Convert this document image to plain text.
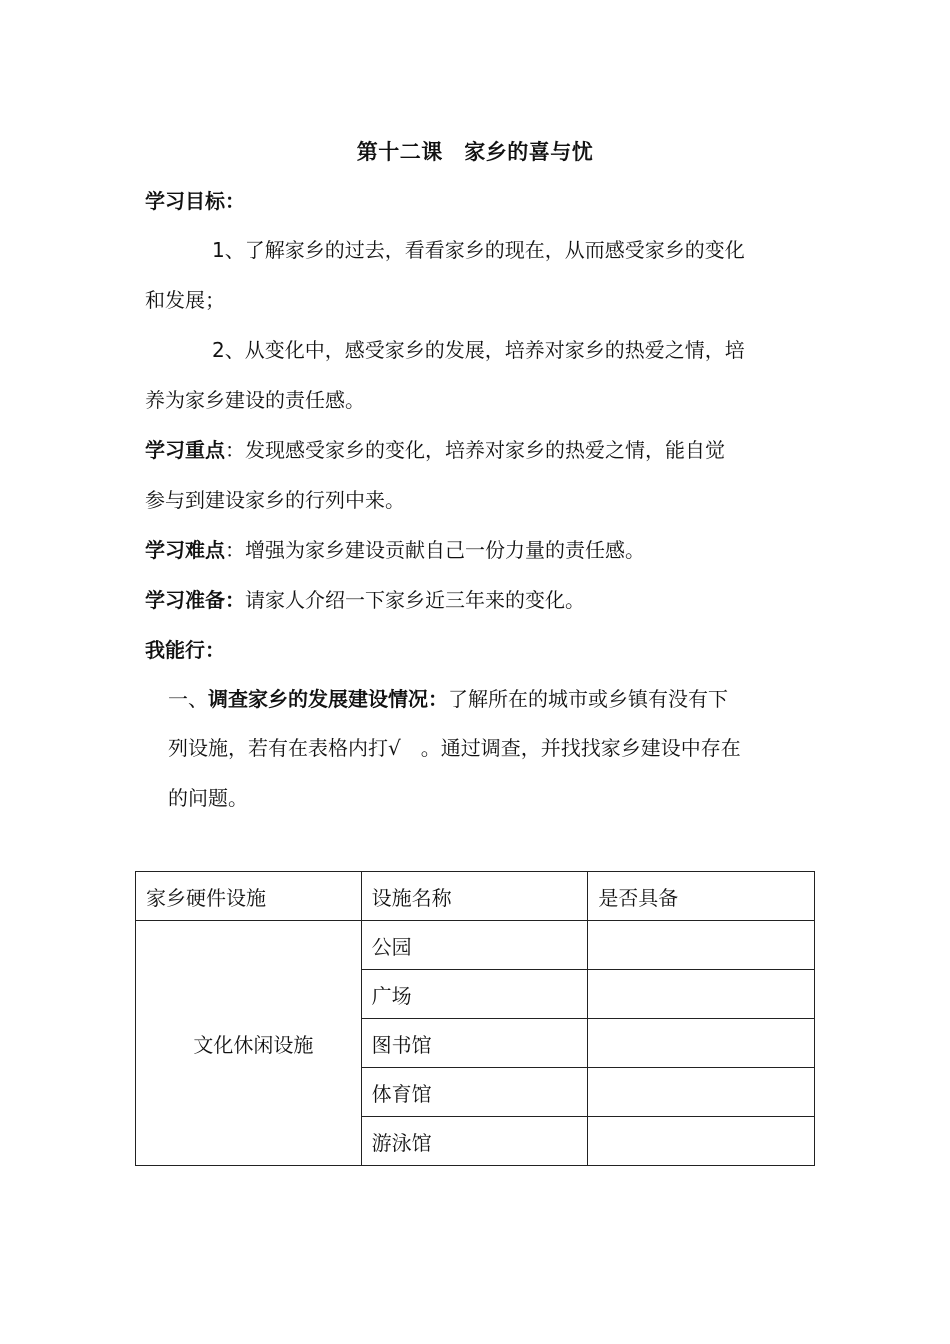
第十二课　家乡的喜与忧
学习目标：
1、了解家乡的过去，看看家乡的现在，从而感受家乡的变化
和发展；
2、从变化中，感受家乡的发展，培养对家乡的热爱之情，培
养为家乡建设的责任感。
学习重点：发现感受家乡的变化，培养对家乡的热爱之情，能自觉
参与到建设家乡的行列中来。
学习难点：增强为家乡建设贡献自己一份力量的责任感。
学习准备：请家人介绍一下家乡近三年来的变化。
我能行：
一、调查家乡的发展建设情况：了解所在的城市或乡镇有没有下
列设施，若有在表格内打√　。通过调查，并找找家乡建设中存在
的问题。
家乡硬件设施	设施名称	是否具备
文化休闲设施	公园	
	广场	
	图书馆	
	体育馆	
	游泳馆	
